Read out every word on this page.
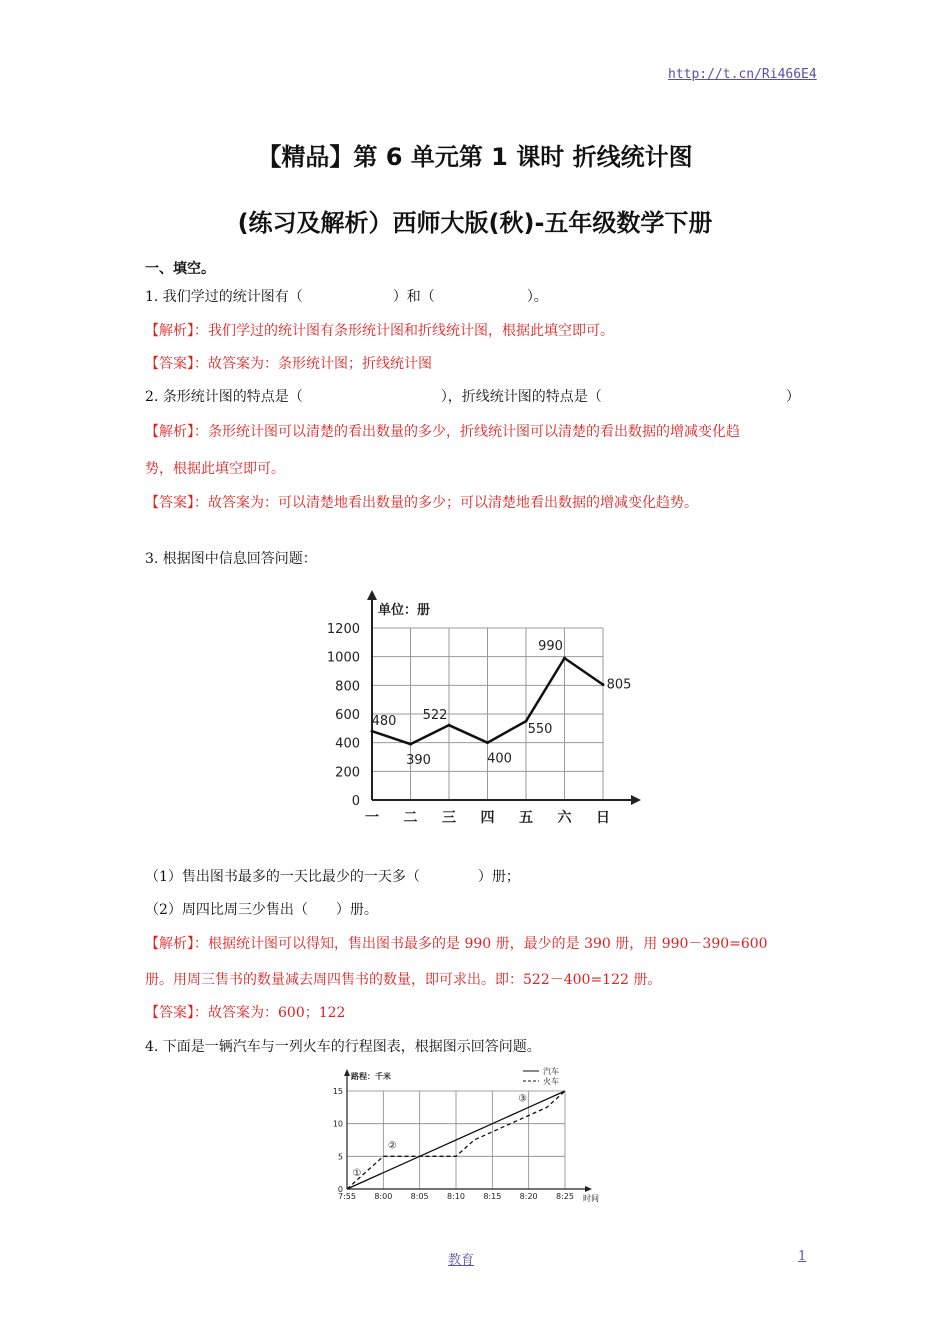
http://t.cn/Ri466E4
【精品】第 6 单元第 1 课时 折线统计图
(练习及解析）西师大版(秋)-五年级数学下册
一、填空。
1. 我们学过的统计图有（	）和（	）。
【解析】：我们学过的统计图有条形统计图和折线统计图，根据此填空即可。
【答案】：故答案为：条形统计图；折线统计图
2. 条形统计图的特点是（	），折线统计图的特点是（	）
【解析】：条形统计图可以清楚的看出数量的多少，折线统计图可以清楚的看出数据的增减变化趋
势，根据此填空即可。
【答案】：故答案为：可以清楚地看出数量的多少；可以清楚地看出数据的增减变化趋势。
3. 根据图中信息回答问题：
0
200
400
600
800
1000
1200
单位：册
一 二 三 四 五 六 日
480
390
522
400
550
990
805
（1）售出图书最多的一天比最少的一天多（	）册；
（2）周四比周三少售出（ ）册。
【解析】：根据统计图可以得知，售出图书最多的是 990 册，最少的是 390 册，用 990－390=600
册。用周三售书的数量减去周四售书的数量，即可求出。即：522－400=122 册。
【答案】：故答案为：600；122
4. 下面是一辆汽车与一列火车的行程图表，根据图示回答问题。
0
5
10
15
7:55 8:00 8:05 8:10 8:15 8:20 8:25
路程：千米
时间
汽车
火车
①
②
③
教育	1
